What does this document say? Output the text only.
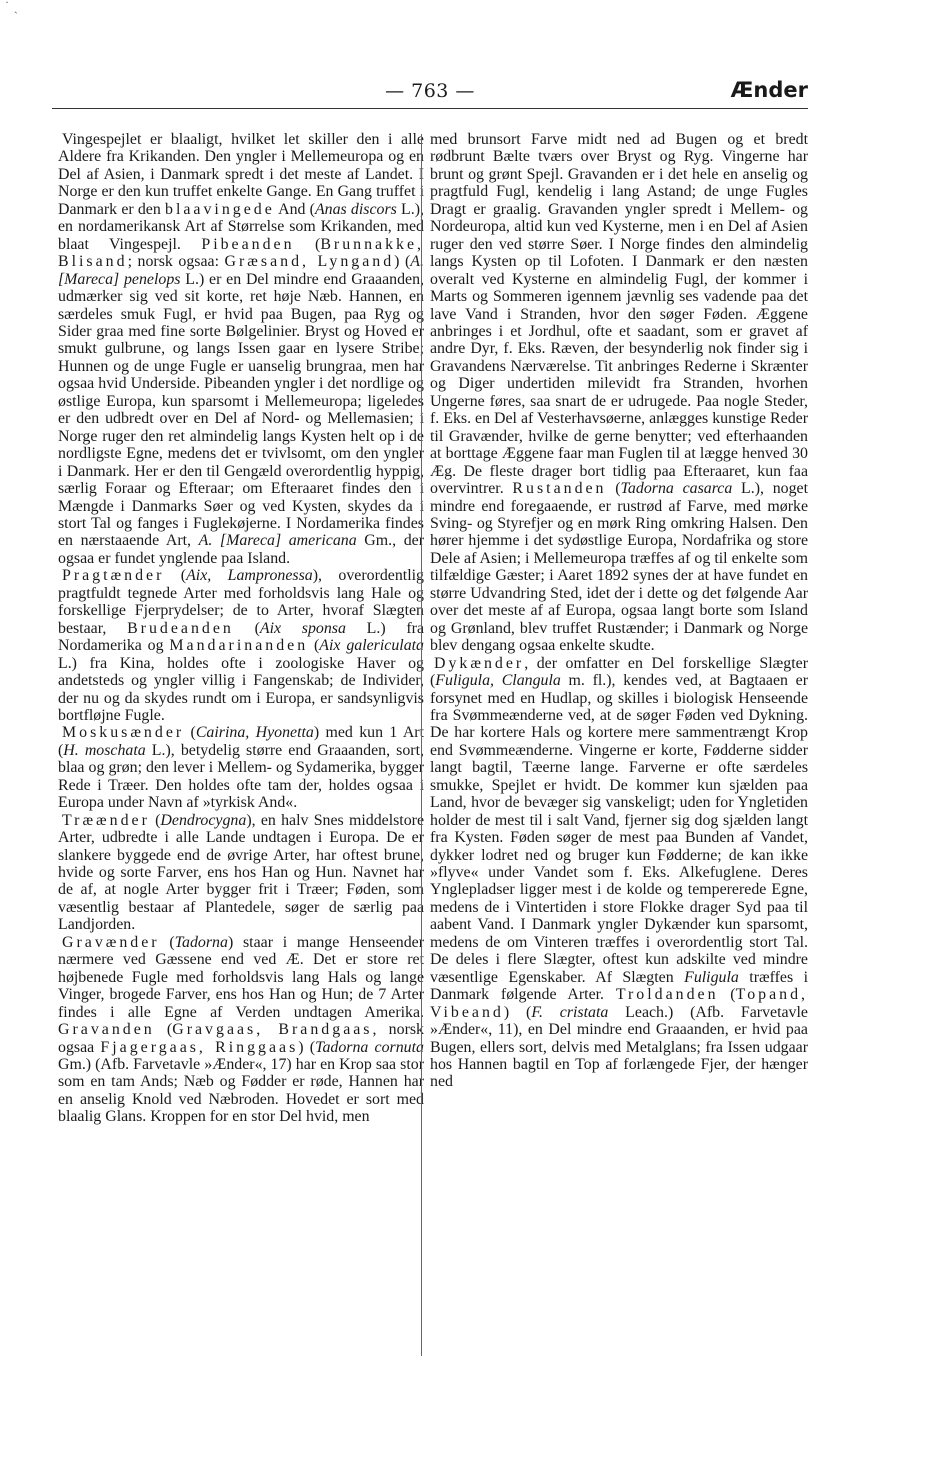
˙ ˎ
— 763 —	Ænder

Vingespejlet er blaaligt, hvilket let skiller den i alle Aldere fra Krikanden. Den yngler i Mellemeuropa og en Del af Asien, i Danmark spredt i det meste af Landet. I Norge er den kun truffet enkelte Gange. En Gang truffet i Danmark er den blaavingede And (Anas discors L.), en nordamerikansk Art af Størrelse som Krikanden, med blaat Vingespejl. Pibeanden (Brunnakke, Blisand; norsk ogsaa: Græsand, Lyngand) (A. [Mareca] penelops L.) er en Del mindre end Graaanden, udmærker sig ved sit korte, ret høje Næb. Hannen, en særdeles smuk Fugl, er hvid paa Bugen, paa Ryg og Sider graa med fine sorte Bølgelinier. Bryst og Hoved er smukt gulbrune, og langs Issen gaar en lysere Stribe; Hunnen og de unge Fugle er uanselig brungraa, men har ogsaa hvid Underside. Pibeanden yngler i det nordlige og østlige Europa, kun sparsomt i Mellemeuropa; ligeledes er den udbredt over en Del af Nord- og Mellemasien; i Norge ruger den ret almindelig langs Kysten helt op i de nordligste Egne, medens det er tvivlsomt, om den yngler i Danmark. Her er den til Gengæld overordentlig hyppig, særlig Foraar og Efteraar; om Efteraaret findes den i Mængde i Danmarks Søer og ved Kysten, skydes da i stort Tal og fanges i Fuglekøjerne. I Nordamerika findes en nærstaaende Art, A. [Mareca] americana Gm., der ogsaa er fundet ynglende paa Island.

Pragtænder (Aix, Lampronessa), overordentlig pragtfuldt tegnede Arter med forholdsvis lang Hale og forskellige Fjerprydelser; de to Arter, hvoraf Slægten bestaar, Brudeanden (Aix sponsa L.) fra Nordamerika og Mandarinanden (Aix galericulata L.) fra Kina, holdes ofte i zoologiske Haver og andetsteds og yngler villig i Fangenskab; de Individer, der nu og da skydes rundt om i Europa, er sandsynligvis bortfløjne Fugle.

Moskusænder (Cairina, Hyonetta) med kun 1 Art (H. moschata L.), betydelig større end Graaanden, sort, blaa og grøn; den lever i Mellem- og Sydamerika, bygger Rede i Træer. Den holdes ofte tam der, holdes ogsaa i Europa under Navn af »tyrkisk And«.

Træænder (Dendrocygna), en halv Snes middelstore Arter, udbredte i alle Lande undtagen i Europa. De er slankere byggede end de øvrige Arter, har oftest brune, hvide og sorte Farver, ens hos Han og Hun. Navnet har de af, at nogle Arter bygger frit i Træer; Føden, som væsentlig bestaar af Plantedele, søger de særlig paa Landjorden.

Gravænder (Tadorna) staar i mange Henseender nærmere ved Gæssene end ved Æ. Det er store ret højbenede Fugle med forholdsvis lang Hals og lange Vinger, brogede Farver, ens hos Han og Hun; de 7 Arter findes i alle Egne af Verden undtagen Amerika. Gravanden (Gravgaas, Brandgaas, norsk ogsaa Fjagergaas, Ringgaas) (Tadorna cornuta Gm.) (Afb. Farvetavle »Ænder«, 17) har en Krop saa stor som en tam Ands; Næb og Fødder er røde, Hannen har en anselig Knold ved Næbroden. Hovedet er sort med blaalig Glans. Kroppen for en stor Del hvid, men

med brunsort Farve midt ned ad Bugen og et bredt rødbrunt Bælte tværs over Bryst og Ryg. Vingerne har brunt og grønt Spejl. Gravanden er i det hele en anselig og pragtfuld Fugl, kendelig i lang Astand; de unge Fugles Dragt er graalig. Gravanden yngler spredt i Mellem- og Nordeuropa, altid kun ved Kysterne, men i en Del af Asien ruger den ved større Søer. I Norge findes den almindelig langs Kysten op til Lofoten. I Danmark er den næsten overalt ved Kysterne en almindelig Fugl, der kommer i Marts og Sommeren igennem jævnlig ses vadende paa det lave Vand i Stranden, hvor den søger Føden. Æggene anbringes i et Jordhul, ofte et saadant, som er gravet af andre Dyr, f. Eks. Ræven, der besynderlig nok finder sig i Gravandens Nærværelse. Tit anbringes Rederne i Skrænter og Diger undertiden milevidt fra Stranden, hvorhen Ungerne føres, saa snart de er udrugede. Paa nogle Steder, f. Eks. en Del af Vesterhavsøerne, anlægges kunstige Reder til Gravænder, hvilke de gerne benytter; ved efterhaanden at borttage Æggene faar man Fuglen til at lægge henved 30 Æg. De fleste drager bort tidlig paa Efteraaret, kun faa overvintrer. Rustanden (Tadorna casarca L.), noget mindre end foregaaende, er rustrød af Farve, med mørke Sving- og Styrefjer og en mørk Ring omkring Halsen. Den hører hjemme i det sydøstlige Europa, Nordafrika og store Dele af Asien; i Mellemeuropa træffes af og til enkelte som tilfældige Gæster; i Aaret 1892 synes der at have fundet en større Udvandring Sted, idet der i dette og det følgende Aar over det meste af af Europa, ogsaa langt borte som Island og Grønland, blev truffet Rustænder; i Danmark og Norge blev dengang ogsaa enkelte skudte.

Dykænder, der omfatter en Del forskellige Slægter (Fuligula, Clangula m. fl.), kendes ved, at Bagtaaen er forsynet med en Hudlap, og skilles i biologisk Henseende fra Svømmeænderne ved, at de søger Føden ved Dykning. De har kortere Hals og kortere mere sammentrængt Krop end Svømmeænderne. Vingerne er korte, Fødderne sidder langt bagtil, Tæerne lange. Farverne er ofte særdeles smukke, Spejlet er hvidt. De kommer kun sjælden paa Land, hvor de bevæger sig vanskeligt; uden for Yngletiden holder de mest til i salt Vand, fjerner sig dog sjælden langt fra Kysten. Føden søger de mest paa Bunden af Vandet, dykker lodret ned og bruger kun Fødderne; de kan ikke »flyve« under Vandet som f. Eks. Alkefuglene. Deres Ynglepladser ligger mest i de kolde og tempererede Egne, medens de i Vintertiden i store Flokke drager Syd paa til aabent Vand. I Danmark yngler Dykænder kun sparsomt, medens de om Vinteren træffes i overordentlig stort Tal. De deles i flere Slægter, oftest kun adskilte ved mindre væsentlige Egenskaber. Af Slægten Fuligula træffes i Danmark følgende Arter. Troldanden (Topand, Vibeand) (F. cristata Leach.) (Afb. Farvetavle »Ænder«, 11), en Del mindre end Graaanden, er hvid paa Bugen, ellers sort, delvis med Metalglans; fra Issen udgaar hos Hannen bagtil en Top af forlængede Fjer, der hænger ned
